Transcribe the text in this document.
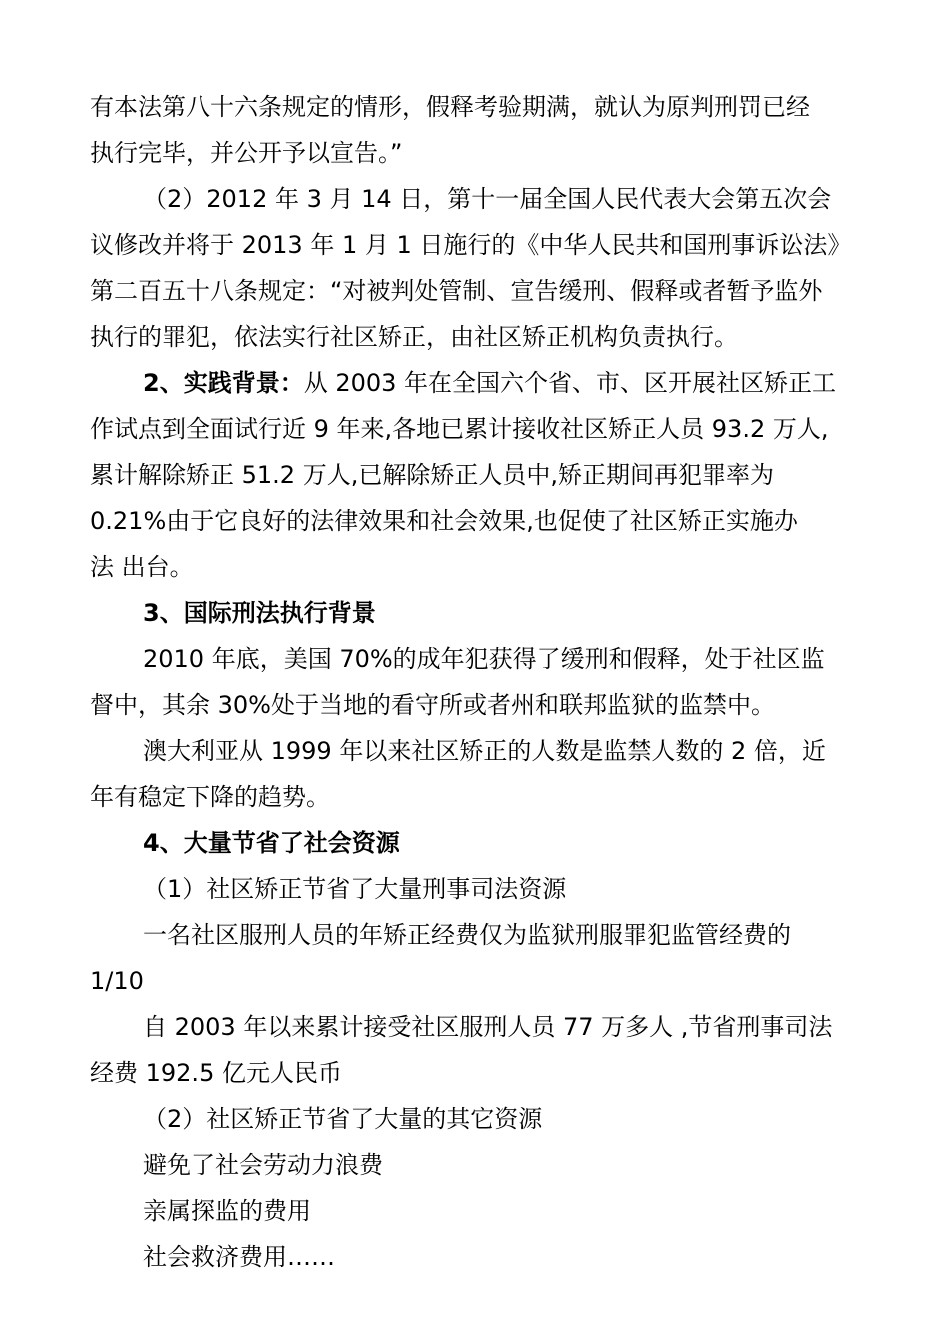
有本法第八十六条规定的情形，假释考验期满，就认为原判刑罚已经
执行完毕，并公开予以宣告。”
（2）2012 年 3 月 14 日，第十一届全国人民代表大会第五次会
议修改并将于 2013 年 1 月 1 日施行的《中华人民共和国刑事诉讼法》
第二百五十八条规定：“对被判处管制、宣告缓刑、假释或者暂予监外
执行的罪犯，依法实行社区矫正，由社区矫正机构负责执行。
2、实践背景：从 2003 年在全国六个省、市、区开展社区矫正工
作试点到全面试行近 9 年来,各地已累计接收社区矫正人员 93.2 万人,
累计解除矫正 51.2 万人,已解除矫正人员中,矫正期间再犯罪率为
0.21%由于它良好的法律效果和社会效果,也促使了社区矫正实施办
法 出台。
3、国际刑法执行背景
2010 年底，美国 70%的成年犯获得了缓刑和假释，处于社区监
督中，其余 30%处于当地的看守所或者州和联邦监狱的监禁中。
澳大利亚从 1999 年以来社区矫正的人数是监禁人数的 2 倍，近
年有稳定下降的趋势。
4、大量节省了社会资源
（1）社区矫正节省了大量刑事司法资源
一名社区服刑人员的年矫正经费仅为监狱刑服罪犯监管经费的
1/10
自 2003 年以来累计接受社区服刑人员 77 万多人 ,节省刑事司法
经费 192.5 亿元人民币
（2）社区矫正节省了大量的其它资源
避免了社会劳动力浪费
亲属探监的费用
社会救济费用……
